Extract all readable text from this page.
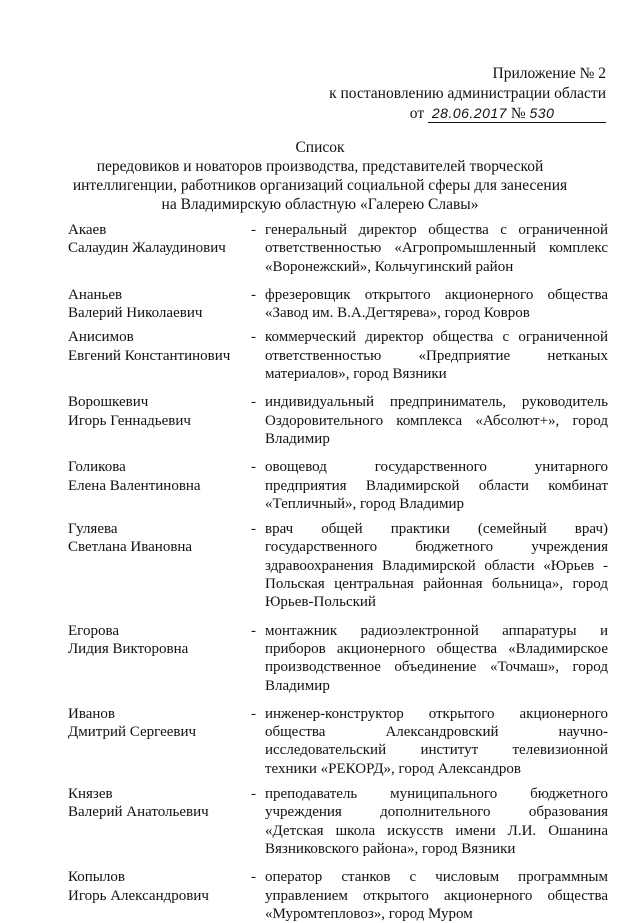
Приложение № 2
к постановлению администрации области
от 28.06.2017 № 530
Список
передовиков и новаторов производства, представителей творческой
интеллигенции, работников организаций социальной сферы для занесения
на Владимирскую областную «Галерею Славы»
Акаев
Салаудин Жалаудинович
- генеральный директор общества с ограниченной
ответственностью «Агропромышленный комплекс
«Воронежский», Кольчугинский район
Ананьев
Валерий Николаевич
- фрезеровщик открытого акционерного общества
«Завод им. В.А.Дегтярева», город Ковров
Анисимов
Евгений Константинович
- коммерческий директор общества с ограниченной
ответственностью «Предприятие нетканых
материалов», город Вязники
Ворошкевич
Игорь Геннадьевич
- индивидуальный предприниматель, руководитель
Оздоровительного комплекса «Абсолют+», город
Владимир
Голикова
Елена Валентиновна
- овощевод государственного унитарного
предприятия Владимирской области комбинат
«Тепличный», город Владимир
Гуляева
Светлана Ивановна
- врач общей практики (семейный врач)
государственного бюджетного учреждения
здравоохранения Владимирской области «Юрьев -
Польская центральная районная больница», город
Юрьев-Польский
Егорова
Лидия Викторовна
- монтажник радиоэлектронной аппаратуры и
приборов акционерного общества «Владимирское
производственное объединение «Точмаш», город
Владимир
Иванов
Дмитрий Сергеевич
- инженер-конструктор открытого акционерного
общества Александровский научно-
исследовательский институт телевизионной
техники «РЕКОРД», город Александров
Князев
Валерий Анатольевич
- преподаватель муниципального бюджетного
учреждения дополнительного образования
«Детская школа искусств имени Л.И. Ошанина
Вязниковского района», город Вязники
Копылов
Игорь Александрович
- оператор станков с числовым программным
управлением открытого акционерного общества
«Муромтепловоз», город Муром
